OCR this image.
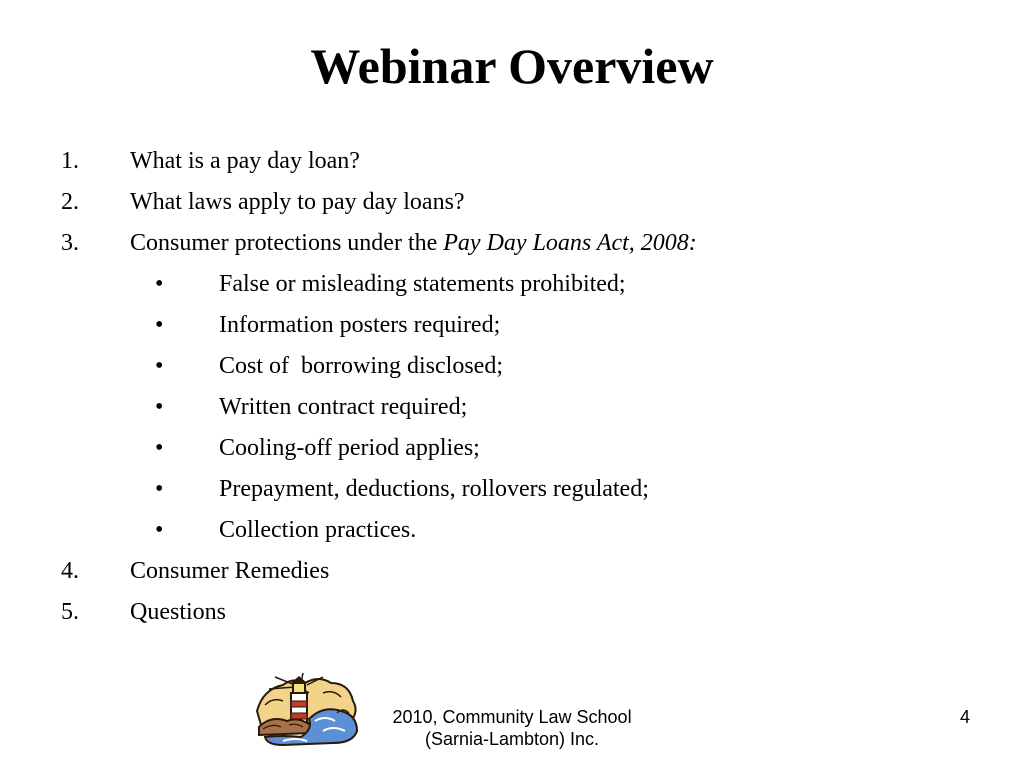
Webinar Overview
1. What is a pay day loan?
2. What laws apply to pay day loans?
3. Consumer protections under the Pay Day Loans Act, 2008:
• False or misleading statements prohibited;
• Information posters required;
• Cost of  borrowing disclosed;
• Written contract required;
• Cooling-off period applies;
• Prepayment, deductions, rollovers regulated;
• Collection practices.
4. Consumer Remedies
5. Questions

2010, Community Law School
(Sarnia-Lambton) Inc.

4
